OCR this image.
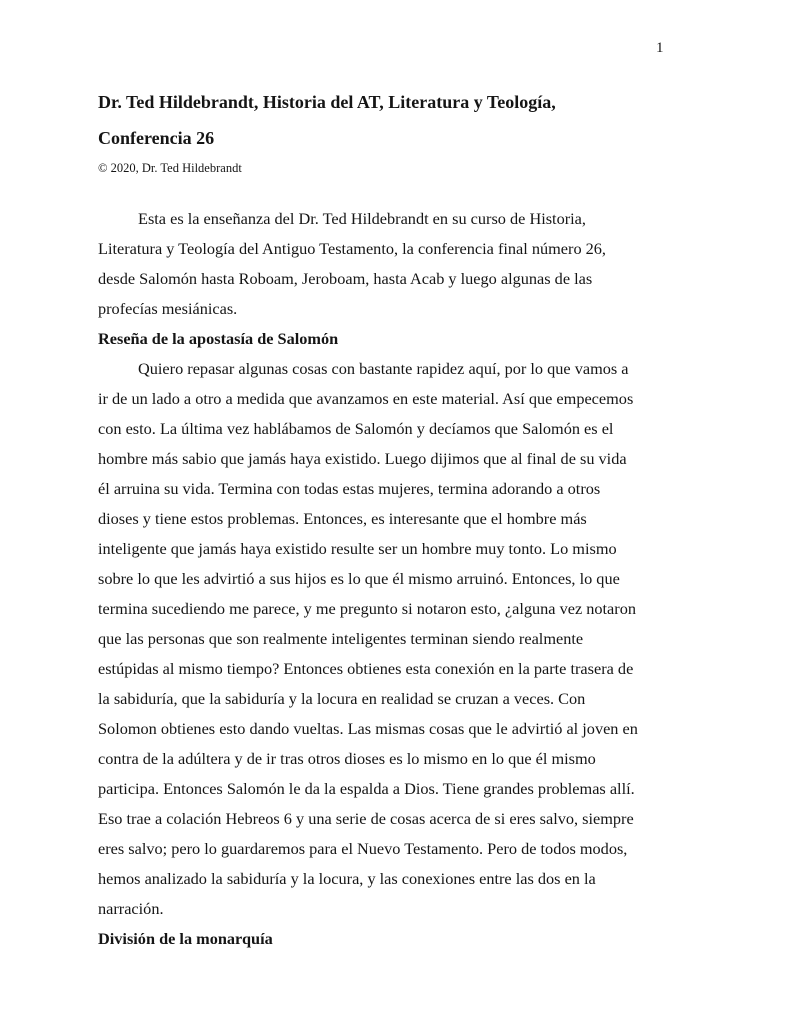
1
Dr. Ted Hildebrandt, Historia del AT, Literatura y Teología,
Conferencia 26
© 2020, Dr. Ted Hildebrandt
Esta es la enseñanza del Dr. Ted Hildebrandt en su curso de Historia,
Literatura y Teología del Antiguo Testamento, la conferencia final número 26,
desde Salomón hasta Roboam, Jeroboam, hasta Acab y luego algunas de las
profecías mesiánicas.
Reseña de la apostasía de Salomón
Quiero repasar algunas cosas con bastante rapidez aquí, por lo que vamos a
ir de un lado a otro a medida que avanzamos en este material. Así que empecemos
con esto. La última vez hablábamos de Salomón y decíamos que Salomón es el
hombre más sabio que jamás haya existido. Luego dijimos que al final de su vida
él arruina su vida. Termina con todas estas mujeres, termina adorando a otros
dioses y tiene estos problemas. Entonces, es interesante que el hombre más
inteligente que jamás haya existido resulte ser un hombre muy tonto. Lo mismo
sobre lo que les advirtió a sus hijos es lo que él mismo arruinó. Entonces, lo que
termina sucediendo me parece, y me pregunto si notaron esto, ¿alguna vez notaron
que las personas que son realmente inteligentes terminan siendo realmente
estúpidas al mismo tiempo? Entonces obtienes esta conexión en la parte trasera de
la sabiduría, que la sabiduría y la locura en realidad se cruzan a veces. Con
Solomon obtienes esto dando vueltas. Las mismas cosas que le advirtió al joven en
contra de la adúltera y de ir tras otros dioses es lo mismo en lo que él mismo
participa. Entonces Salomón le da la espalda a Dios. Tiene grandes problemas allí.
Eso trae a colación Hebreos 6 y una serie de cosas acerca de si eres salvo, siempre
eres salvo; pero lo guardaremos para el Nuevo Testamento. Pero de todos modos,
hemos analizado la sabiduría y la locura, y las conexiones entre las dos en la
narración.
División de la monarquía
